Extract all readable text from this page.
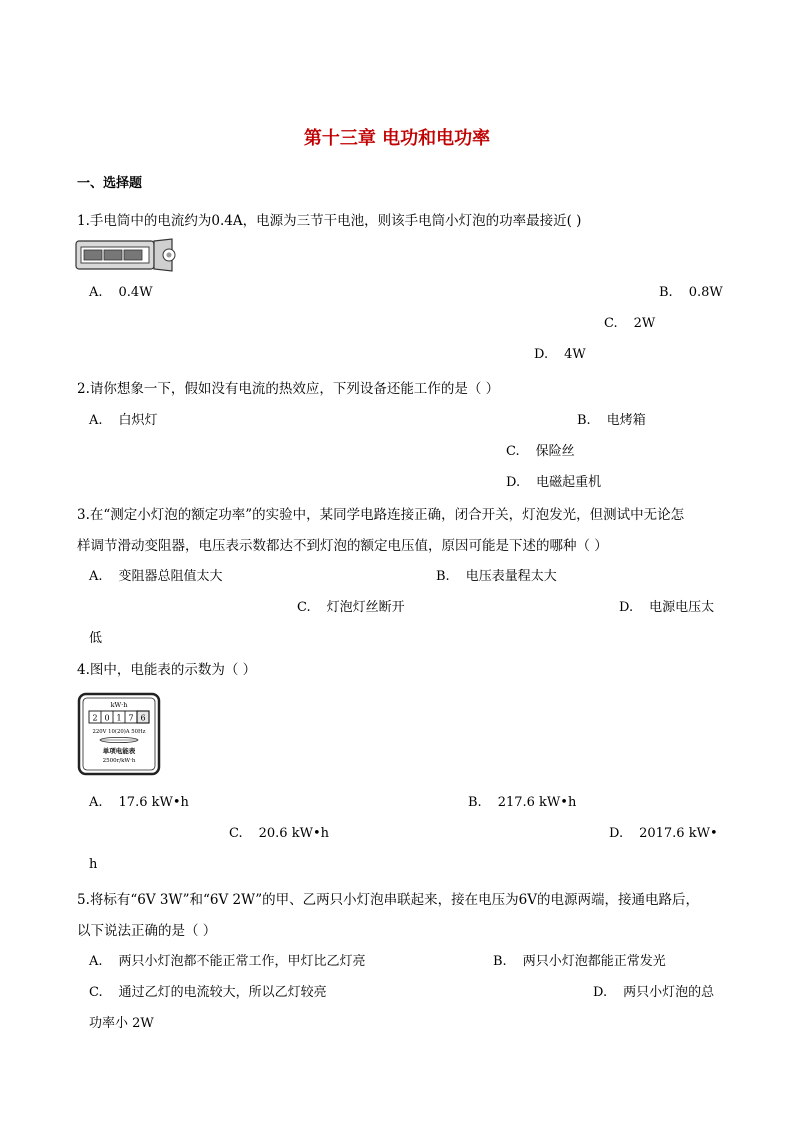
第十三章 电功和电功率
一、选择题
1.手电筒中的电流约为0.4A，电源为三节干电池，则该手电筒小灯泡的功率最接近( )
A. 0.4W	B. 0.8W
C. 2W
D. 4W
2.请你想象一下，假如没有电流的热效应，下列设备还能工作的是（ ）
A. 白炽灯	B. 电烤箱
C. 保险丝
D. 电磁起重机
3.在“测定小灯泡的额定功率”的实验中，某同学电路连接正确，闭合开关，灯泡发光，但测试中无论怎
样调节滑动变阻器，电压表示数都达不到灯泡的额定电压值，原因可能是下述的哪种（ ）
A. 变阻器总阻值太大	B. 电压表量程太大
C. 灯泡灯丝断开	D. 电源电压太
低
4.图中，电能表的示数为（ ）
kW·h
2 0 1 7 6
220V 10(20)A 50Hz
单项电能表
2500r/kW·h
A. 17.6 kW•h	B. 217.6 kW•h
C. 20.6 kW•h	D. 2017.6 kW•
h
5.将标有“6V 3W”和“6V 2W”的甲、乙两只小灯泡串联起来，接在电压为6V的电源两端，接通电路后，
以下说法正确的是（ ）
A. 两只小灯泡都不能正常工作，甲灯比乙灯亮	B. 两只小灯泡都能正常发光
C. 通过乙灯的电流较大，所以乙灯较亮	D. 两只小灯泡的总
功率小 2W
